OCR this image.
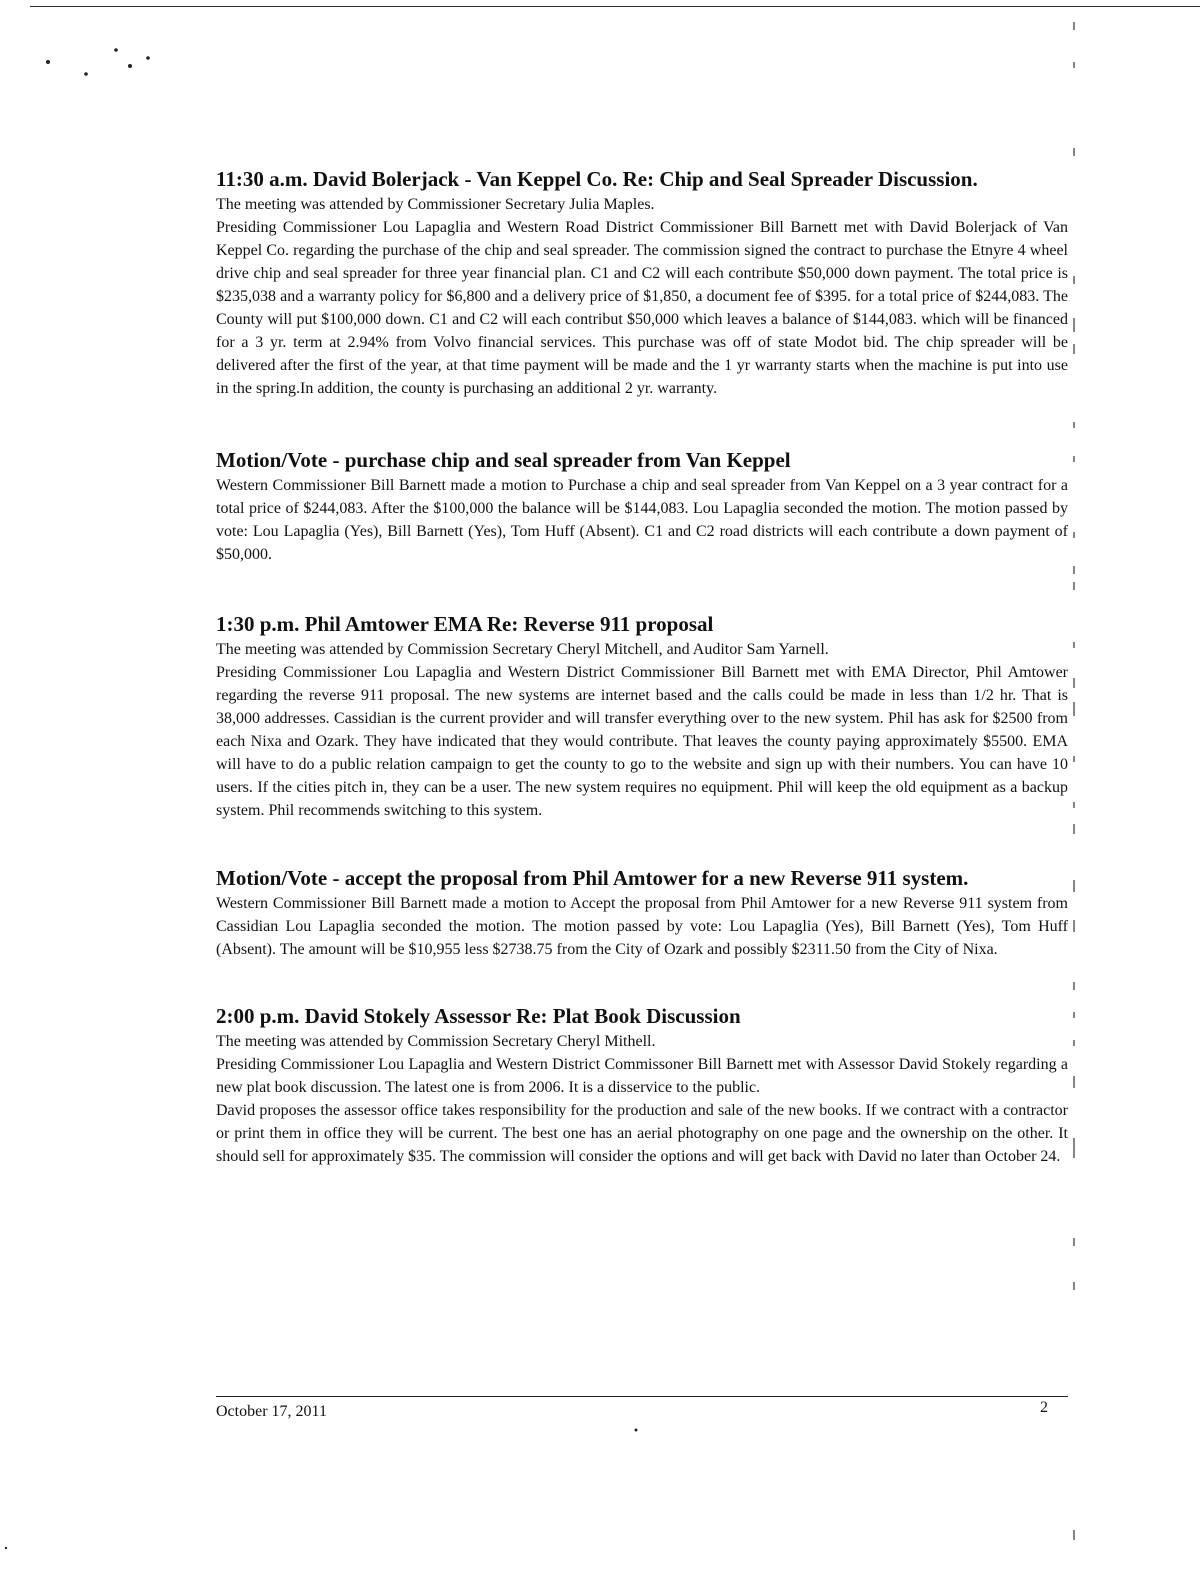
11:30 a.m. David Bolerjack - Van Keppel Co. Re: Chip and Seal Spreader Discussion.

The meeting was attended by Commissioner Secretary Julia Maples.

Presiding Commissioner Lou Lapaglia and Western Road District Commissioner Bill Barnett met with David Bolerjack of Van Keppel Co. regarding the purchase of the chip and seal spreader. The commission signed the contract to purchase the Etnyre 4 wheel drive chip and seal spreader for three year financial plan. C1 and C2 will each contribute $50,000 down payment. The total price is $235,038 and a warranty policy for $6,800 and a delivery price of $1,850, a document fee of $395. for a total price of $244,083. The County will put $100,000 down. C1 and C2 will each contribut $50,000 which leaves a balance of $144,083. which will be financed for a 3 yr. term at 2.94% from Volvo financial services. This purchase was off of state Modot bid. The chip spreader will be delivered after the first of the year, at that time payment will be made and the 1 yr warranty starts when the machine is put into use in the spring.In addition, the county is purchasing an additional 2 yr. warranty.

Motion/Vote - purchase chip and seal spreader from Van Keppel

Western Commissioner Bill Barnett made a motion to Purchase a chip and seal spreader from Van Keppel on a 3 year contract for a total price of $244,083. After the $100,000 the balance will be $144,083. Lou Lapaglia seconded the motion. The motion passed by vote: Lou Lapaglia (Yes), Bill Barnett (Yes), Tom Huff (Absent). C1 and C2 road districts will each contribute a down payment of $50,000.

1:30 p.m. Phil Amtower EMA Re: Reverse 911 proposal

The meeting was attended by Commission Secretary Cheryl Mitchell, and Auditor Sam Yarnell.

Presiding Commissioner Lou Lapaglia and Western District Commissioner Bill Barnett met with EMA Director, Phil Amtower regarding the reverse 911 proposal. The new systems are internet based and the calls could be made in less than 1/2 hr. That is 38,000 addresses. Cassidian is the current provider and will transfer everything over to the new system. Phil has ask for $2500 from each Nixa and Ozark. They have indicated that they would contribute. That leaves the county paying approximately $5500. EMA will have to do a public relation campaign to get the county to go to the website and sign up with their numbers. You can have 10 users. If the cities pitch in, they can be a user. The new system requires no equipment. Phil will keep the old equipment as a backup system. Phil recommends switching to this system.

Motion/Vote - accept the proposal from Phil Amtower for a new Reverse 911 system.

Western Commissioner Bill Barnett made a motion to Accept the proposal from Phil Amtower for a new Reverse 911 system from Cassidian Lou Lapaglia seconded the motion. The motion passed by vote: Lou Lapaglia (Yes), Bill Barnett (Yes), Tom Huff (Absent). The amount will be $10,955 less $2738.75 from the City of Ozark and possibly $2311.50 from the City of Nixa.

2:00 p.m. David Stokely Assessor Re: Plat Book Discussion

The meeting was attended by Commission Secretary Cheryl Mithell.

Presiding Commissioner Lou Lapaglia and Western District Commissoner Bill Barnett met with Assessor David Stokely regarding a new plat book discussion. The latest one is from 2006. It is a disservice to the public.

David proposes the assessor office takes responsibility for the production and sale of the new books. If we contract with a contractor or print them in office they will be current. The best one has an aerial photography on one page and the ownership on the other. It should sell for approximately $35. The commission will consider the options and will get back with David no later than October 24.

October 17, 2011	2
